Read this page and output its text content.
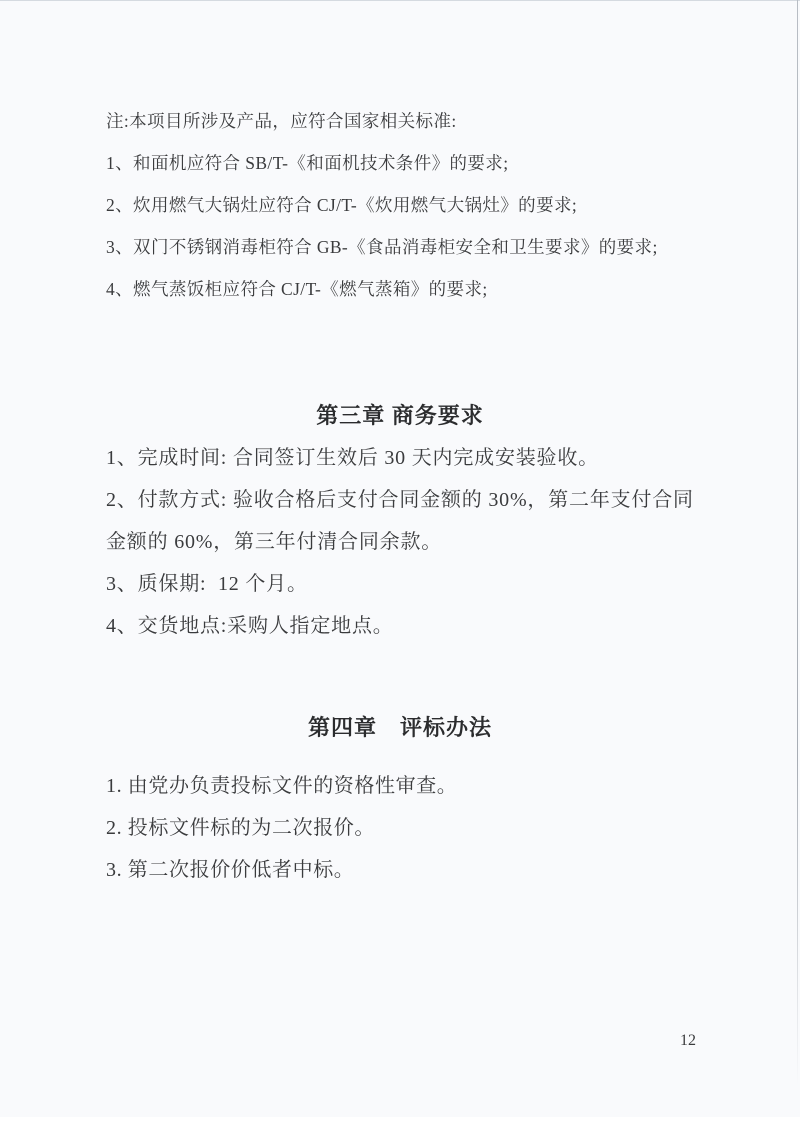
注:本项目所涉及产品，应符合国家相关标准:
1、和面机应符合 SB/T-《和面机技术条件》的要求;
2、炊用燃气大锅灶应符合 CJ/T-《炊用燃气大锅灶》的要求;
3、双门不锈钢消毒柜符合 GB-《食品消毒柜安全和卫生要求》的要求;
4、燃气蒸饭柜应符合 CJ/T-《燃气蒸箱》的要求;
第三章 商务要求
1、完成时间: 合同签订生效后 30 天内完成安装验收。
2、付款方式: 验收合格后支付合同金额的 30%，第二年支付合同
金额的 60%，第三年付清合同余款。
3、质保期:  12 个月。
4、交货地点:采购人指定地点。
第四章　评标办法
1. 由党办负责投标文件的资格性审查。
2. 投标文件标的为二次报价。
3. 第二次报价价低者中标。
12
